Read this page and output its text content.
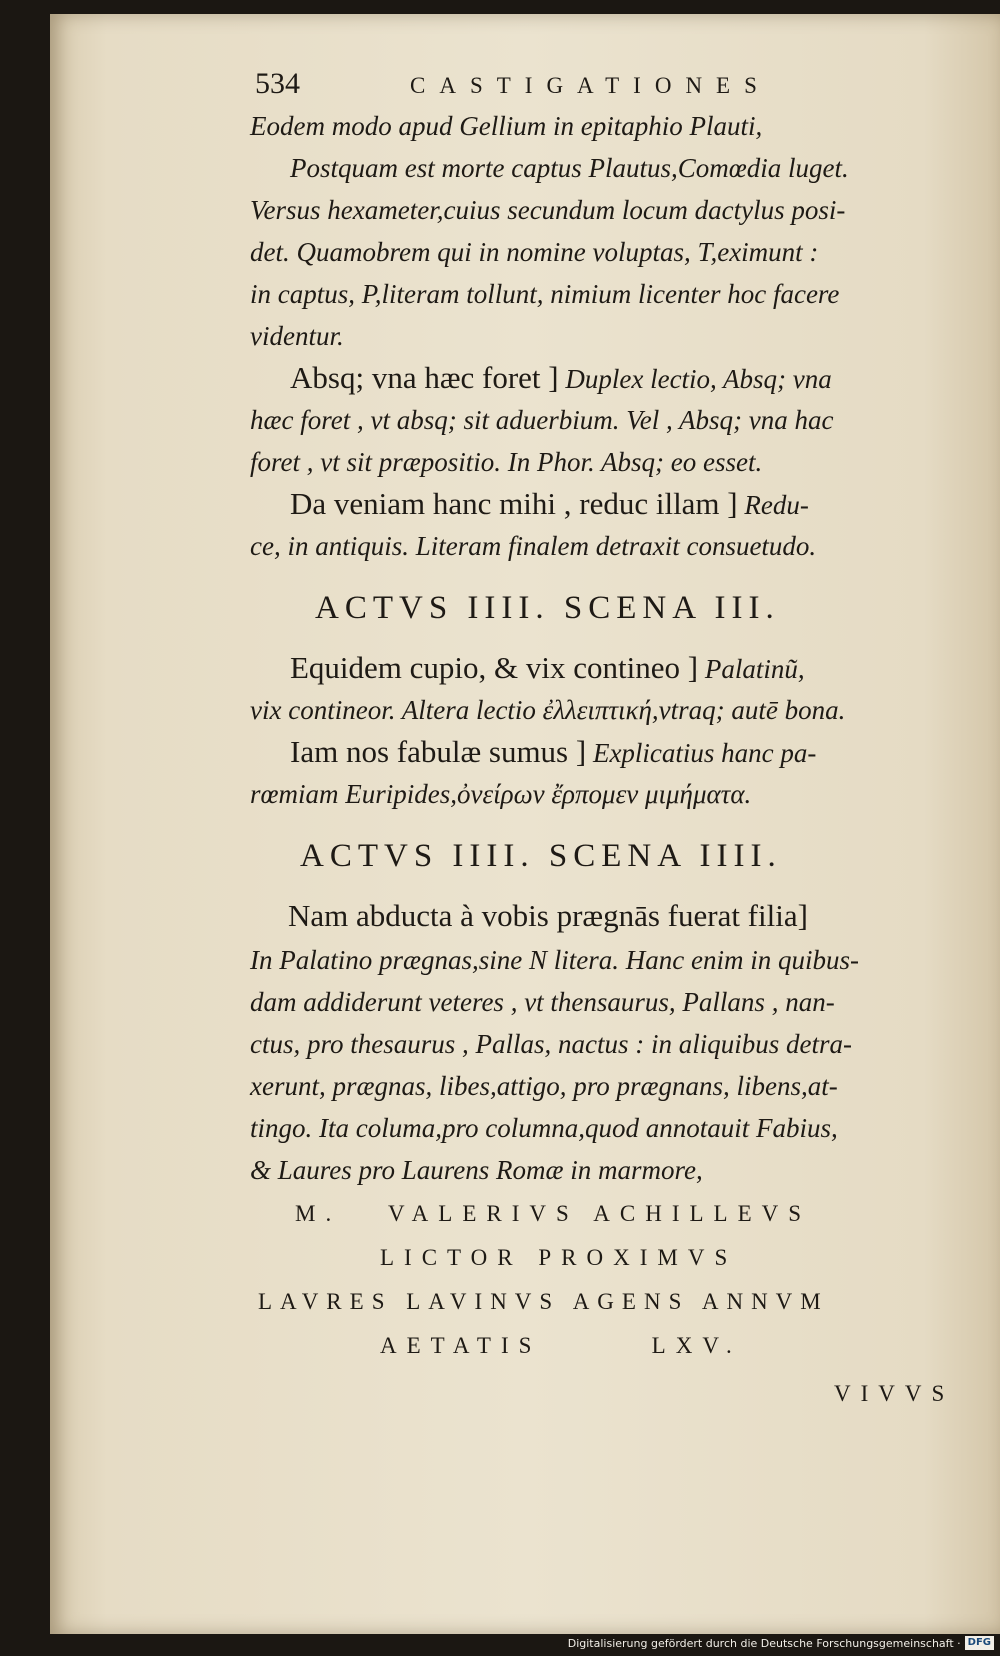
534	CASTIGATIONES
Eodem modo apud Gellium in epitaphio Plauti,
Postquam est morte captus Plautus,Comœdia luget.
Versus hexameter,cuius secundum locum dactylus posi-
det. Quamobrem qui in nomine voluptas, T,eximunt :
in captus, P,literam tollunt, nimium licenter hoc facere
videntur.
Absq; vna hæc foret ] Duplex lectio, Absq; vna
hæc foret , vt absq; sit aduerbium. Vel , Absq; vna hac
foret , vt sit præpositio. In Phor. Absq; eo esset.
Da veniam hanc mihi , reduc illam ] Redu-
ce, in antiquis. Literam finalem detraxit consuetudo.
ACTVS IIII. SCENA III.
Equidem cupio, & vix contineo ] Palatinũ,
vix contineor. Altera lectio ἐλλειπτική,vtraq; autē bona.
Iam nos fabulæ sumus ] Explicatius hanc pa-
rœmiam Euripides,ὀνείρων ἔρπομεν μιμήματα.
ACTVS IIII. SCENA IIII.
Nam abducta à vobis prægnās fuerat filia]
In Palatino prægnas,sine N litera. Hanc enim in quibus-
dam addiderunt veteres , vt thensaurus, Pallans , nan-
ctus, pro thesaurus , Pallas, nactus : in aliquibus detra-
xerunt, prægnas, libes,attigo, pro prægnans, libens,at-
tingo. Ita columa,pro columna,quod annotauit Fabius,
& Laures pro Laurens Romæ in marmore,
M.   VALERIVS ACHILLEVS
LICTOR PROXIMVS
LAVRES LAVINVS AGENS ANNVM
AETATIS       LXV.
VIVVS
Digitalisierung gefördert durch die Deutsche Forschungsgemeinschaft · DFG
